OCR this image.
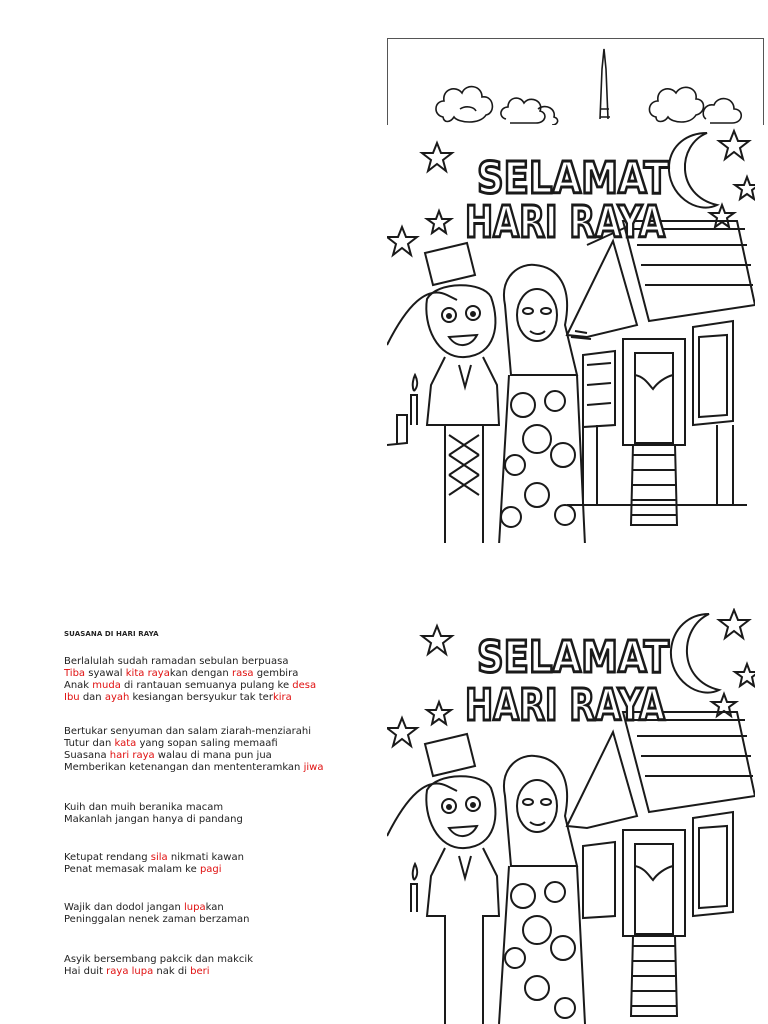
SELAMAT
HARI RAYA
SELAMAT
HARI RAYA
SUASANA DI HARI RAYA
Berlalulah sudah ramadan sebulan berpuasa
Tiba syawal kita rayakan dengan rasa gembira
Anak muda di rantauan semuanya pulang ke desa
Ibu dan ayah kesiangan bersyukur tak terkira
Bertukar senyuman dan salam ziarah-menziarahi
Tutur dan kata yang sopan saling memaafi
Suasana hari raya walau di mana pun jua
Memberikan ketenangan dan mententeramkan jiwa
Kuih dan muih beranika macam
Makanlah jangan hanya di pandang
Ketupat rendang sila nikmati kawan
Penat memasak malam ke pagi
Wajik dan dodol jangan lupakan
Peninggalan nenek zaman berzaman
Asyik bersembang pakcik dan makcik
Hai duit raya lupa nak di beri
